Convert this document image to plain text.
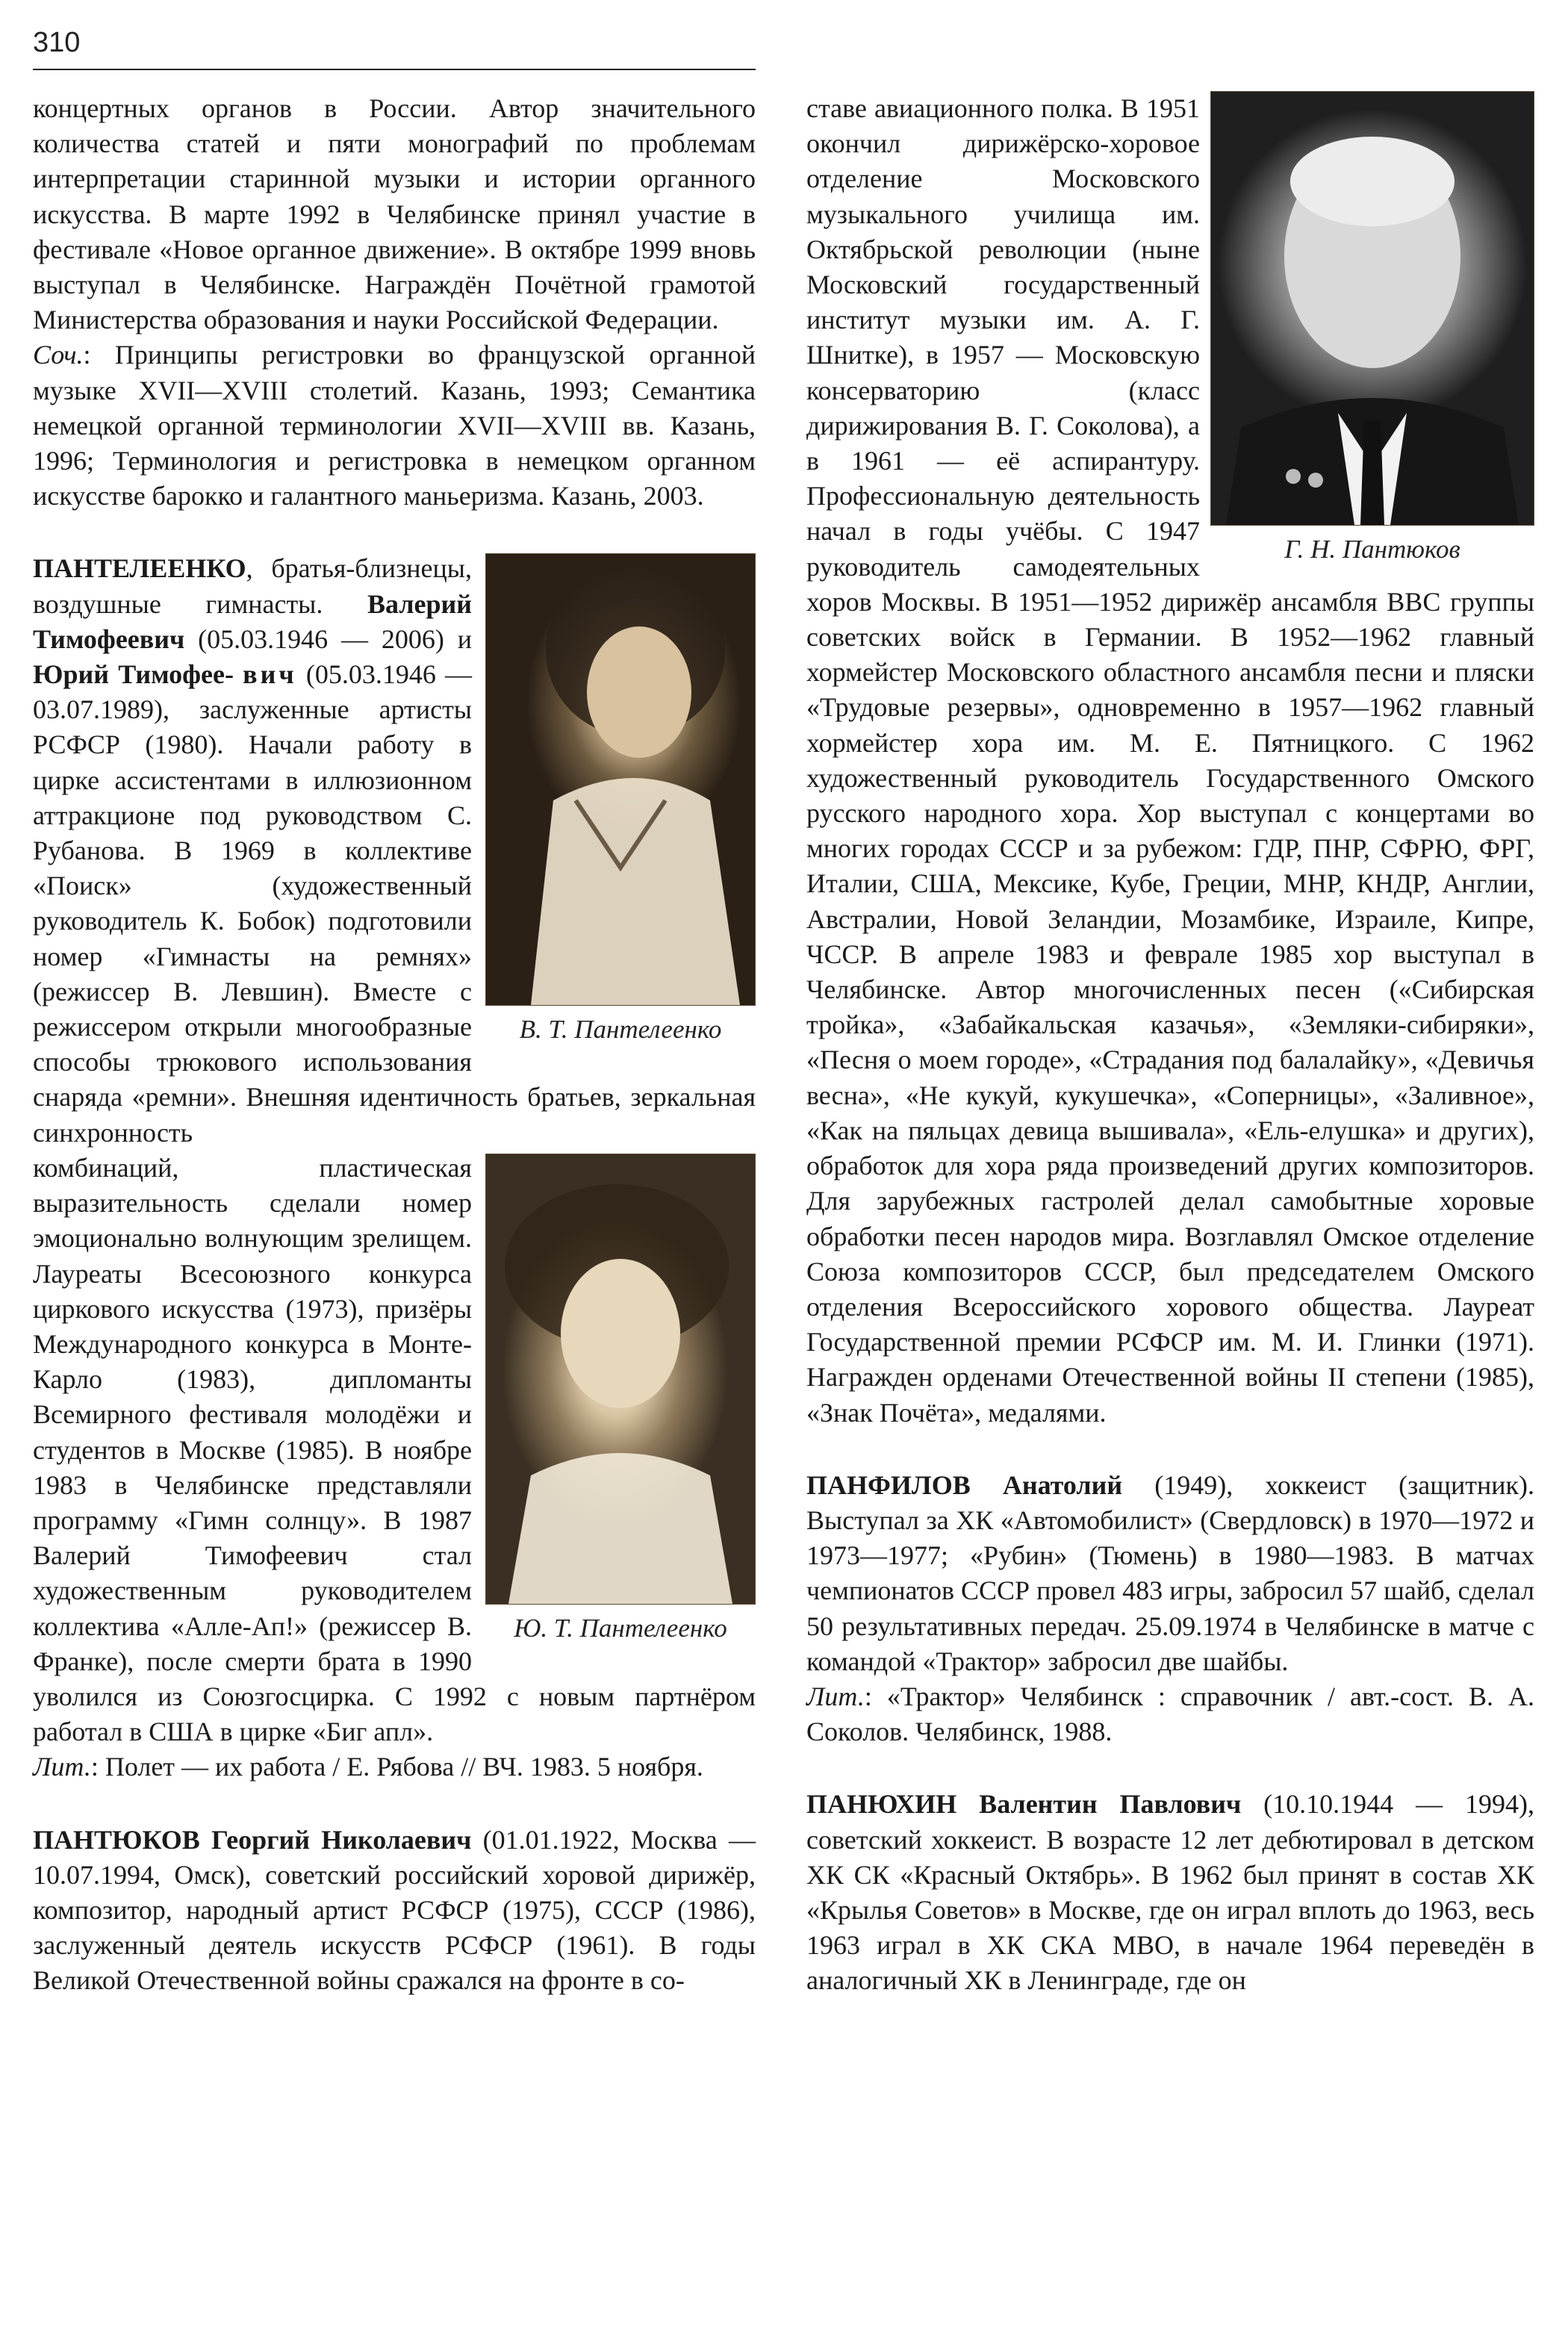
310

концертных органов в России. Автор значительного количества статей и пяти монографий по проблемам интерпретации старинной музыки и истории органного искусства. В марте 1992 в Челябинске принял участие в фестивале «Новое органное движение». В октябре 1999 вновь выступал в Челябинске. Награждён Почётной грамотой Министерства образования и науки Российской Федерации.

Соч.: Принципы регистровки во французской органной музыке XVII—XVIII столетий. Казань, 1993; Семантика немецкой органной терминологии XVII—XVIII вв. Казань, 1996; Терминология и регистровка в немецком органном искусстве барокко и галантного маньеризма. Казань, 2003.

В. Т. Пантелеенко

ПАНТЕЛЕЕНКО, братья-близнецы, воздушные гимнасты. Валерий Тимофеевич (05.03.1946 — 2006) и Юрий Тимофее- вич (05.03.1946 — 03.07.1989), заслуженные артисты РСФСР (1980). Начали работу в цирке ассистентами в иллюзионном аттракционе под руководством С. Рубанова. В 1969 в коллективе «Поиск» (художественный руководитель К. Бобок) подготовили номер «Гимнасты на ремнях» (режиссер В. Левшин). Вместе с режиссером открыли многообразные способы трюкового использования снаряда «ремни». Внешняя идентичность братьев, зеркальная синхронность

Ю. Т. Пантелеенко

комбинаций, пластическая выразительность сделали номер эмоционально волнующим зрелищем. Лауреаты Всесоюзного конкурса циркового искусства (1973), призёры Международного конкурса в Монте-Карло (1983), дипломанты Всемирного фестиваля молодёжи и студентов в Москве (1985). В ноябре 1983 в Челябинске представляли программу «Гимн солнцу». В 1987 Валерий Тимофеевич стал художественным руководителем коллектива «Алле-Ап!» (режиссер В. Франке), после смерти брата в 1990 уволился из Союзгосцирка. С 1992 с новым партнёром работал в США в цирке «Биг апл».

Лит.: Полет — их работа / Е. Рябова // ВЧ. 1983. 5 ноября.

ПАНТЮКОВ Георгий Николаевич (01.01.1922, Москва — 10.07.1994, Омск), советский российский хоровой дирижёр, композитор, народный артист РСФСР (1975), СССР (1986), заслуженный деятель искусств РСФСР (1961). В годы Великой Отечественной войны сражался на фронте в со-

Г. Н. Пантюков

ставе авиационного полка. В 1951 окончил дирижёрско-хоровое отделение Московского музыкального училища им. Октябрьской революции (ныне Московский государственный институт музыки им. А. Г. Шнитке), в 1957 — Московскую консерваторию (класс дирижирования В. Г. Соколова), а в 1961 — её аспирантуру. Профессиональную деятельность начал в годы учёбы. С 1947 руководитель самодеятельных хоров Москвы. В 1951—1952 дирижёр ансамбля ВВС группы советских войск в Германии. В 1952—1962 главный хормейстер Московского областного ансамбля песни и пляски «Трудовые резервы», одновременно в 1957—1962 главный хормейстер хора им. М. Е. Пятницкого. С 1962 художественный руководитель Государственного Омского русского народного хора. Хор выступал с концертами во многих городах СССР и за рубежом: ГДР, ПНР, СФРЮ, ФРГ, Италии, США, Мексике, Кубе, Греции, МНР, КНДР, Англии, Австралии, Новой Зеландии, Мозамбике, Израиле, Кипре, ЧССР. В апреле 1983 и феврале 1985 хор выступал в Челябинске. Автор многочисленных песен («Сибирская тройка», «Забайкальская казачья», «Земляки-сибиряки», «Песня о моем городе», «Страдания под балалайку», «Девичья весна», «Не кукуй, кукушечка», «Соперницы», «Заливное», «Как на пяльцах девица вышивала», «Ель-елушка» и других), обработок для хора ряда произведений других композиторов. Для зарубежных гастролей делал самобытные хоровые обработки песен народов мира. Возглавлял Омское отделение Союза композиторов СССР, был председателем Омского отделения Всероссийского хорового общества. Лауреат Государственной премии РСФСР им. М. И. Глинки (1971). Награжден орденами Отечественной войны II степени (1985), «Знак Почёта», медалями.

ПАНФИЛОВ Анатолий (1949), хоккеист (защитник). Выступал за ХК «Автомобилист» (Свердловск) в 1970—1972 и 1973—1977; «Рубин» (Тюмень) в 1980—1983. В матчах чемпионатов СССР провел 483 игры, забросил 57 шайб, сделал 50 результативных передач. 25.09.1974 в Челябинске в матче с командой «Трактор» забросил две шайбы.

Лит.: «Трактор» Челябинск : справочник / авт.-сост. В. А. Соколов. Челябинск, 1988.

ПАНЮХИН Валентин Павлович (10.10.1944 — 1994), советский хоккеист. В возрасте 12 лет дебютировал в детском ХК СК «Красный Октябрь». В 1962 был принят в состав ХК «Крылья Советов» в Москве, где он играл вплоть до 1963, весь 1963 играл в ХК СКА МВО, в начале 1964 переведён в аналогичный ХК в Ленинграде, где он
